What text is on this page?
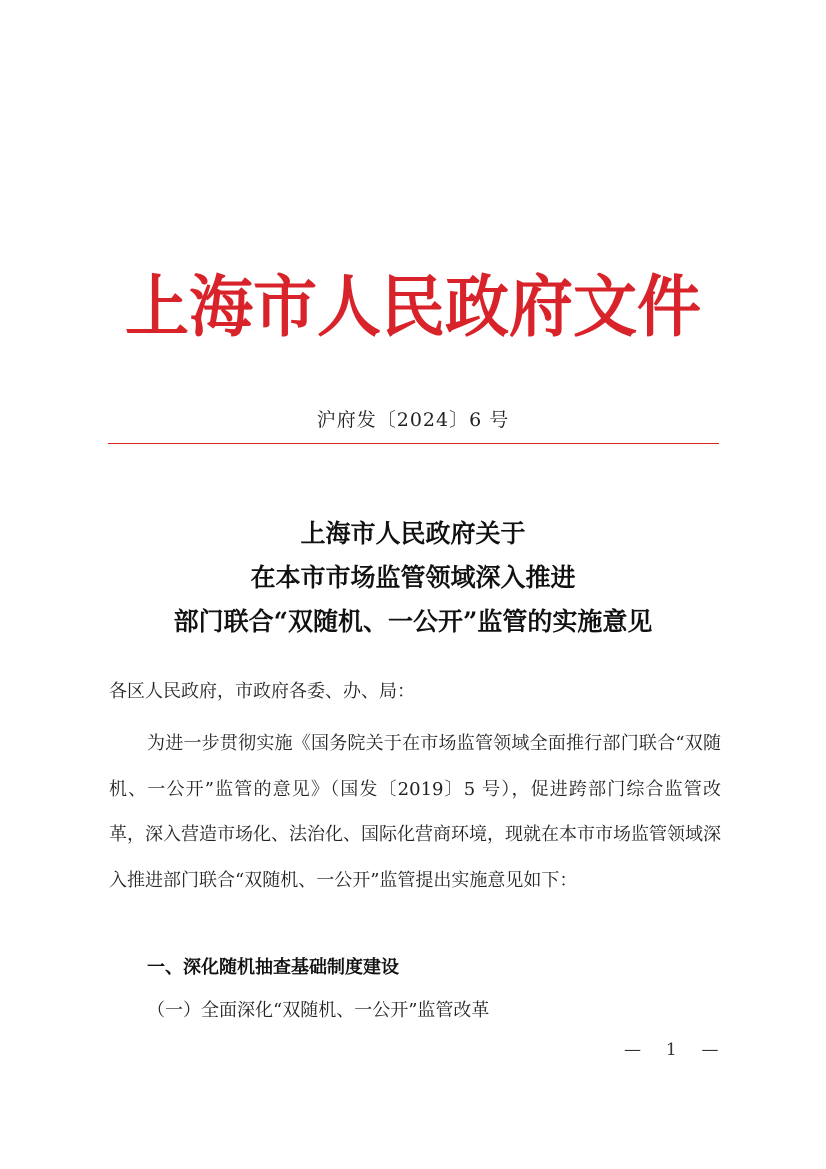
上海市人民政府文件
沪府发〔2024〕6 号
上海市人民政府关于
在本市市场监管领域深入推进
部门联合“双随机、一公开”监管的实施意见
各区人民政府，市政府各委、办、局：
为进一步贯彻实施《国务院关于在市场监管领域全面推行部门联合“双随机、一公开”监管的意见》（国发〔2019〕5 号），促进跨部门综合监管改革，深入营造市场化、法治化、国际化营商环境，现就在本市市场监管领域深入推进部门联合“双随机、一公开”监管提出实施意见如下：
一、深化随机抽查基础制度建设
（一）全面深化“双随机、一公开”监管改革
— 1 —
